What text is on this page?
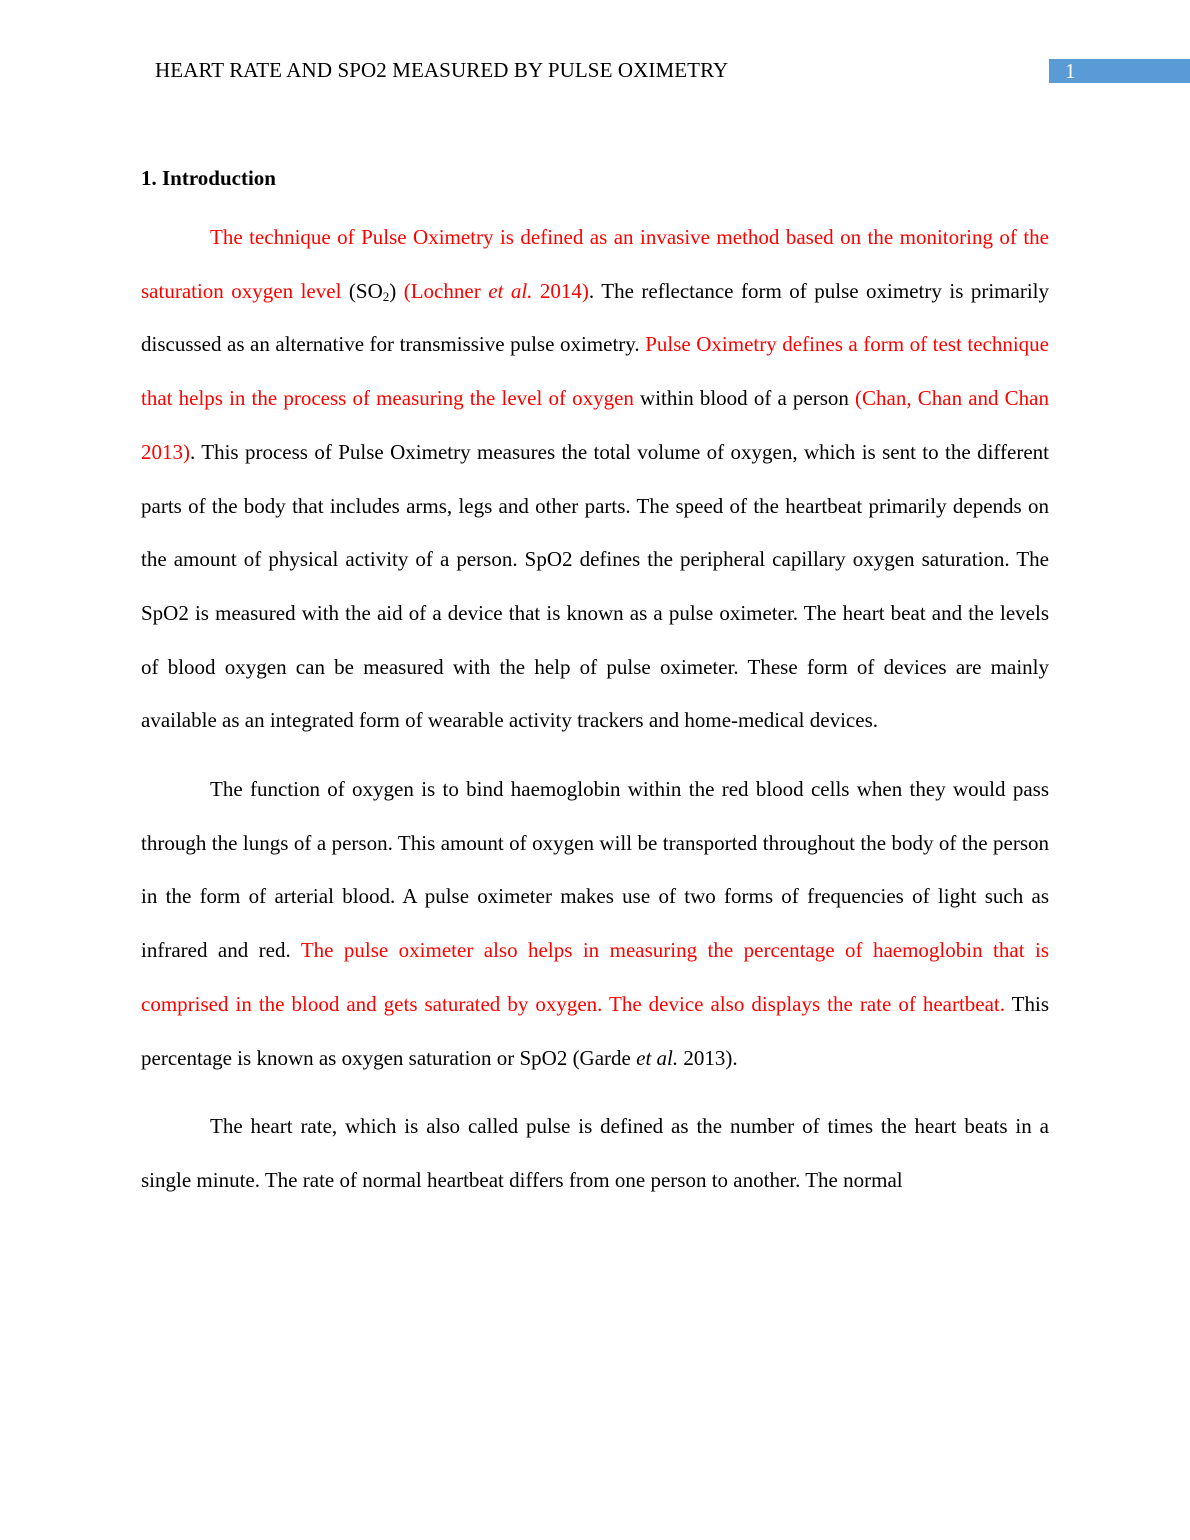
HEART RATE AND SPO2 MEASURED BY PULSE OXIMETRY	1
1. Introduction

The technique of Pulse Oximetry is defined as an invasive method based on the monitoring of the saturation oxygen level $(SO_2)$ (Lochner et al. 2014). The reflectance form of pulse oximetry is primarily discussed as an alternative for transmissive pulse oximetry. Pulse Oximetry defines a form of test technique that helps in the process of measuring the level of oxygen within blood of a person (Chan, Chan and Chan 2013). This process of Pulse Oximetry measures the total volume of oxygen, which is sent to the different parts of the body that includes arms, legs and other parts. The speed of the heartbeat primarily depends on the amount of physical activity of a person. SpO2 defines the peripheral capillary oxygen saturation. The SpO2 is measured with the aid of a device that is known as a pulse oximeter. The heart beat and the levels of blood oxygen can be measured with the help of pulse oximeter. These form of devices are mainly available as an integrated form of wearable activity trackers and home-medical devices.

The function of oxygen is to bind haemoglobin within the red blood cells when they would pass through the lungs of a person. This amount of oxygen will be transported throughout the body of the person in the form of arterial blood. A pulse oximeter makes use of two forms of frequencies of light such as infrared and red. The pulse oximeter also helps in measuring the percentage of haemoglobin that is comprised in the blood and gets saturated by oxygen. The device also displays the rate of heartbeat. This percentage is known as oxygen saturation or SpO2 (Garde et al. 2013).

The heart rate, which is also called pulse is defined as the number of times the heart beats in a single minute. The rate of normal heartbeat differs from one person to another. The normal
